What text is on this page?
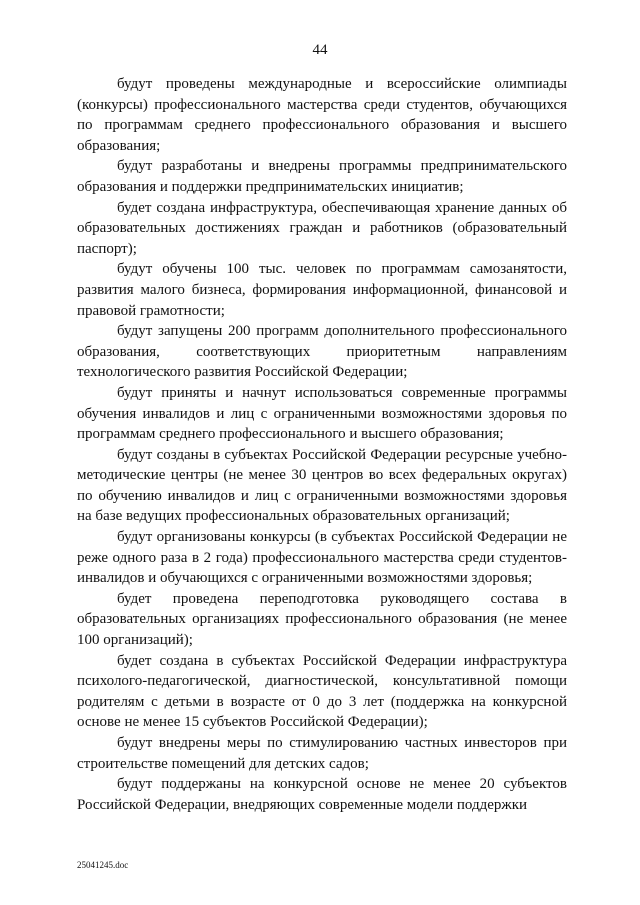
44

будут проведены международные и всероссийские олимпиады (конкурсы) профессионального мастерства среди студентов, обучающихся по программам среднего профессионального образования и высшего образования;

будут разработаны и внедрены программы предпринимательского образования и поддержки предпринимательских инициатив;

будет создана инфраструктура, обеспечивающая хранение данных об образовательных достижениях граждан и работников (образовательный паспорт);

будут обучены 100 тыс. человек по программам самозанятости, развития малого бизнеса, формирования информационной, финансовой и правовой грамотности;

будут запущены 200 программ дополнительного профессионального образования, соответствующих приоритетным направлениям технологического развития Российской Федерации;

будут приняты и начнут использоваться современные программы обучения инвалидов и лиц с ограниченными возможностями здоровья по программам среднего профессионального и высшего образования;

будут созданы в субъектах Российской Федерации ресурсные учебно-методические центры (не менее 30 центров во всех федеральных округах) по обучению инвалидов и лиц с ограниченными возможностями здоровья на базе ведущих профессиональных образовательных организаций;

будут организованы конкурсы (в субъектах Российской Федерации не реже одного раза в 2 года) профессионального мастерства среди студентов-инвалидов и обучающихся с ограниченными возможностями здоровья;

будет проведена переподготовка руководящего состава в образовательных организациях профессионального образования (не менее 100 организаций);

будет создана в субъектах Российской Федерации инфраструктура психолого-педагогической, диагностической, консультативной помощи родителям с детьми в возрасте от 0 до 3 лет (поддержка на конкурсной основе не менее 15 субъектов Российской Федерации);

будут внедрены меры по стимулированию частных инвесторов при строительстве помещений для детских садов;

будут поддержаны на конкурсной основе не менее 20 субъектов Российской Федерации, внедряющих современные модели поддержки

25041245.doc
